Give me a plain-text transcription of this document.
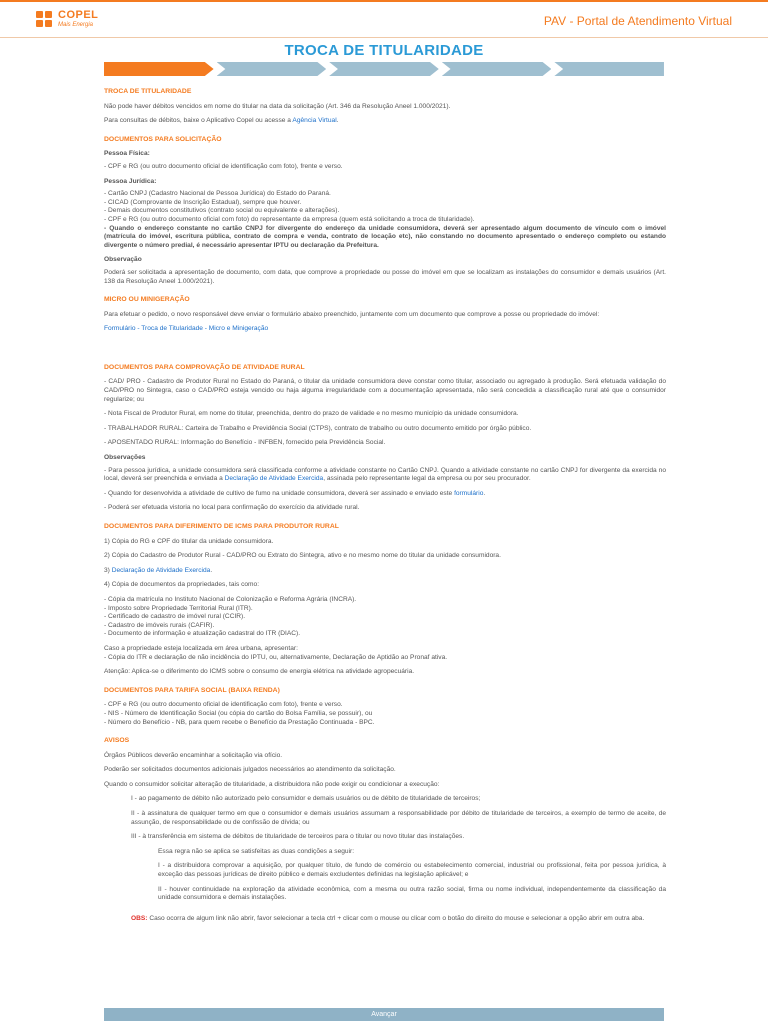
COPEL
Mais Energia	PAV - Portal de Atendimento Virtual
TROCA DE TITULARIDADE
TROCA DE TITULARIDADE

Não pode haver débitos vencidos em nome do titular na data da solicitação (Art. 346 da Resolução Aneel 1.000/2021).

Para consultas de débitos, baixe o Aplicativo Copel ou acesse a Agência Virtual.

DOCUMENTOS PARA SOLICITAÇÃO
Pessoa Física:

- CPF e RG (ou outro documento oficial de identificação com foto), frente e verso.

Pessoa Jurídica:
- Cartão CNPJ (Cadastro Nacional de Pessoa Jurídica) do Estado do Paraná.
- CICAD (Comprovante de Inscrição Estadual), sempre que houver.
- Demais documentos constitutivos (contrato social ou equivalente e alterações).
- CPF e RG (ou outro documento oficial com foto) do representante da empresa (quem está solicitando a troca de titularidade).

- Quando o endereço constante no cartão CNPJ for divergente do endereço da unidade consumidora, deverá ser apresentado algum documento de vínculo com o imóvel (matrícula do imóvel, escritura pública, contrato de compra e venda, contrato de locação etc), não constando no documento apresentado o endereço completo ou estando divergente o número predial, é necessário apresentar IPTU ou declaração da Prefeitura.

Observação

Poderá ser solicitada a apresentação de documento, com data, que comprove a propriedade ou posse do imóvel em que se localizam as instalações do consumidor e demais usuários (Art. 138 da Resolução Aneel 1.000/2021).

MICRO OU MINIGERAÇÃO

Para efetuar o pedido, o novo responsável deve enviar o formulário abaixo preenchido, juntamente com um documento que comprove a posse ou propriedade do imóvel:

Formulário - Troca de Titularidade - Micro e Minigeração

DOCUMENTOS PARA COMPROVAÇÃO DE ATIVIDADE RURAL

- CAD/ PRO - Cadastro de Produtor Rural no Estado do Paraná, o titular da unidade consumidora deve constar como titular, associado ou agregado à produção. Será efetuada validação do CAD/PRO no Sintegra, caso o CAD/PRO esteja vencido ou haja alguma irregularidade com a documentação apresentada, não será concedida a classificação rural até que o consumidor regularize; ou

- Nota Fiscal de Produtor Rural, em nome do titular, preenchida, dentro do prazo de validade e no mesmo município da unidade consumidora.

- TRABALHADOR RURAL: Carteira de Trabalho e Previdência Social (CTPS), contrato de trabalho ou outro documento emitido por órgão público.

- APOSENTADO RURAL: Informação do Benefício - INFBEN, fornecido pela Previdência Social.

Observações

- Para pessoa jurídica, a unidade consumidora será classificada conforme a atividade constante no Cartão CNPJ. Quando a atividade constante no cartão CNPJ for divergente da exercida no local, deverá ser preenchida e enviada a Declaração de Atividade Exercida, assinada pelo representante legal da empresa ou por seu procurador.

- Quando for desenvolvida a atividade de cultivo de fumo na unidade consumidora, deverá ser assinado e enviado este formulário.

- Poderá ser efetuada vistoria no local para confirmação do exercício da atividade rural.

DOCUMENTOS PARA DIFERIMENTO DE ICMS PARA PRODUTOR RURAL

1) Cópia do RG e CPF do titular da unidade consumidora.

2) Cópia do Cadastro de Produtor Rural - CAD/PRO ou Extrato do Sintegra, ativo e no mesmo nome do titular da unidade consumidora.

3) Declaração de Atividade Exercida.

4) Cópia de documentos da propriedades, tais como:

- Cópia da matrícula no Instituto Nacional de Colonização e Reforma Agrária (INCRA).
- Imposto sobre Propriedade Territorial Rural (ITR).
- Certificado de cadastro de imóvel rural (CCIR).
- Cadastro de imóveis rurais (CAFIR).
- Documento de informação e atualização cadastral do ITR (DIAC).
Caso a propriedade esteja localizada em área urbana, apresentar:
- Cópia do ITR e declaração de não incidência do IPTU, ou, alternativamente, Declaração de Aptidão ao Pronaf ativa.

Atenção: Aplica-se o diferimento do ICMS sobre o consumo de energia elétrica na atividade agropecuária.

DOCUMENTOS PARA TARIFA SOCIAL (BAIXA RENDA)
- CPF e RG (ou outro documento oficial de identificação com foto), frente e verso.
- NIS - Número de Identificação Social (ou cópia do cartão do Bolsa Família, se possuir), ou
- Número do Benefício - NB, para quem recebe o Benefício da Prestação Continuada - BPC.
AVISOS

Órgãos Públicos deverão encaminhar a solicitação via ofício.

Poderão ser solicitados documentos adicionais julgados necessários ao atendimento da solicitação.

Quando o consumidor solicitar alteração de titularidade, a distribuidora não pode exigir ou condicionar a execução:

I - ao pagamento de débito não autorizado pelo consumidor e demais usuários ou de débito de titularidade de terceiros;

II - à assinatura de qualquer termo em que o consumidor e demais usuários assumam a responsabilidade por débito de titularidade de terceiros, a exemplo de termo de aceite, de assunção, de responsabilidade ou de confissão de dívida; ou

III - à transferência em sistema de débitos de titularidade de terceiros para o titular ou novo titular das instalações.

Essa regra não se aplica se satisfeitas as duas condições a seguir:

I - a distribuidora comprovar a aquisição, por qualquer título, de fundo de comércio ou estabelecimento comercial, industrial ou profissional, feita por pessoa jurídica, à exceção das pessoas jurídicas de direito público e demais excludentes definidas na legislação aplicável; e

II - houver continuidade na exploração da atividade econômica, com a mesma ou outra razão social, firma ou nome individual, independentemente da classificação da unidade consumidora e demais instalações.

OBS: Caso ocorra de algum link não abrir, favor selecionar a tecla ctrl + clicar com o mouse ou clicar com o botão do direito do mouse e selecionar a opção abrir em outra aba.

Avançar
